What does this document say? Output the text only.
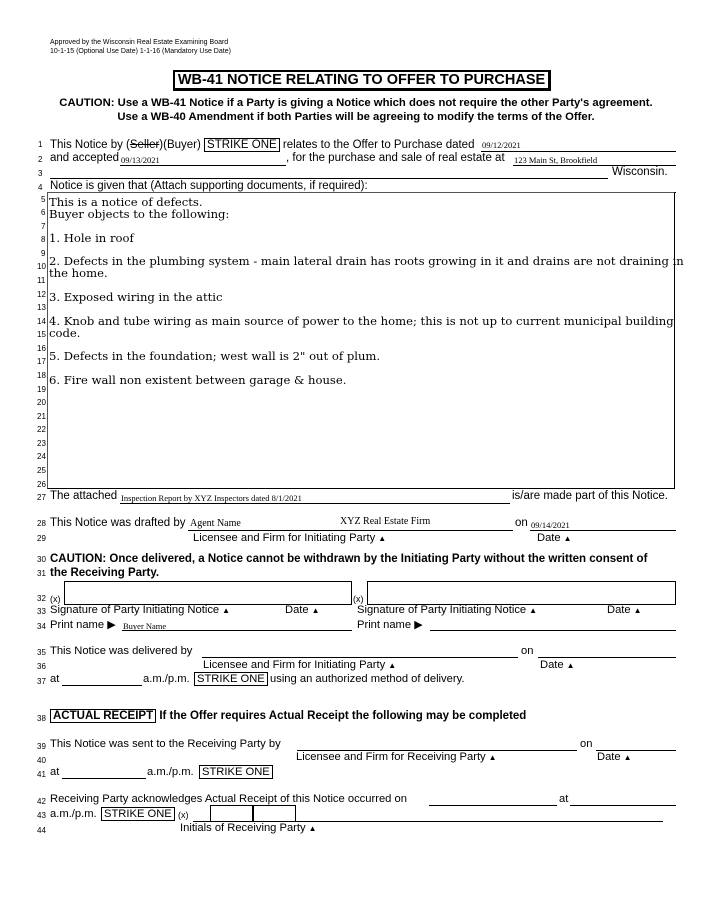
Approved by the Wisconsin Real Estate Examining Board
10-1-15 (Optional Use Date) 1-1-16 (Mandatory Use Date)
WB-41 NOTICE RELATING TO OFFER TO PURCHASE
CAUTION: Use a WB-41 Notice if a Party is giving a Notice which does not require the other Party's agreement.
Use a WB-40 Amendment if both Parties will be agreeing to modify the terms of the Offer.
1
2
3
4
5
6
7
8
9
10
11
12
13
14
15
16
17
18
19
20
21
22
23
24
25
26
27
28
29
30
31
32
33
34
35
36
37
38
39
40
41
42
43
44
This Notice by (Seller)(Buyer) STRIKE ONE relates to the Offer to Purchase dated 09/12/2021
and accepted 09/13/2021	, for the purchase and sale of real estate at 123 Main St, Brookfield
Wisconsin.
Notice is given that (Attach supporting documents, if required):
This is a notice of defects.
Buyer objects to the following:
1. Hole in roof
2. Defects in the plumbing system - main lateral drain has roots growing in it and drains are not draining in
the home.
3. Exposed wiring in the attic
4. Knob and tube wiring as main source of power to the home; this is not up to current municipal building
code.
5. Defects in the foundation; west wall is 2" out of plum.
6. Fire wall non existent between garage & house.
The attached Inspection Report by XYZ Inspectors dated 8/1/2021	is/are made part of this Notice.
This Notice was drafted by Agent Name	XYZ Real Estate Firm	on 09/14/2021
Licensee and Firm for Initiating Party ▲	Date ▲
CAUTION: Once delivered, a Notice cannot be withdrawn by the Initiating Party without the written consent of
the Receiving Party.
(x)	(x)
Signature of Party Initiating Notice ▲	Date ▲	Signature of Party Initiating Notice ▲	Date ▲
Print name ▶ Buyer Name	Print name ▶
This Notice was delivered by	on
Licensee and Firm for Initiating Party ▲	Date ▲
at	a.m./p.m. STRIKE ONE using an authorized method of delivery.
ACTUAL RECEIPT If the Offer requires Actual Receipt the following may be completed
This Notice was sent to the Receiving Party by	on
Licensee and Firm for Receiving Party ▲	Date ▲
at	a.m./p.m. STRIKE ONE
Receiving Party acknowledges Actual Receipt of this Notice occurred on	at
a.m./p.m. STRIKE ONE (x)
Initials of Receiving Party ▲
